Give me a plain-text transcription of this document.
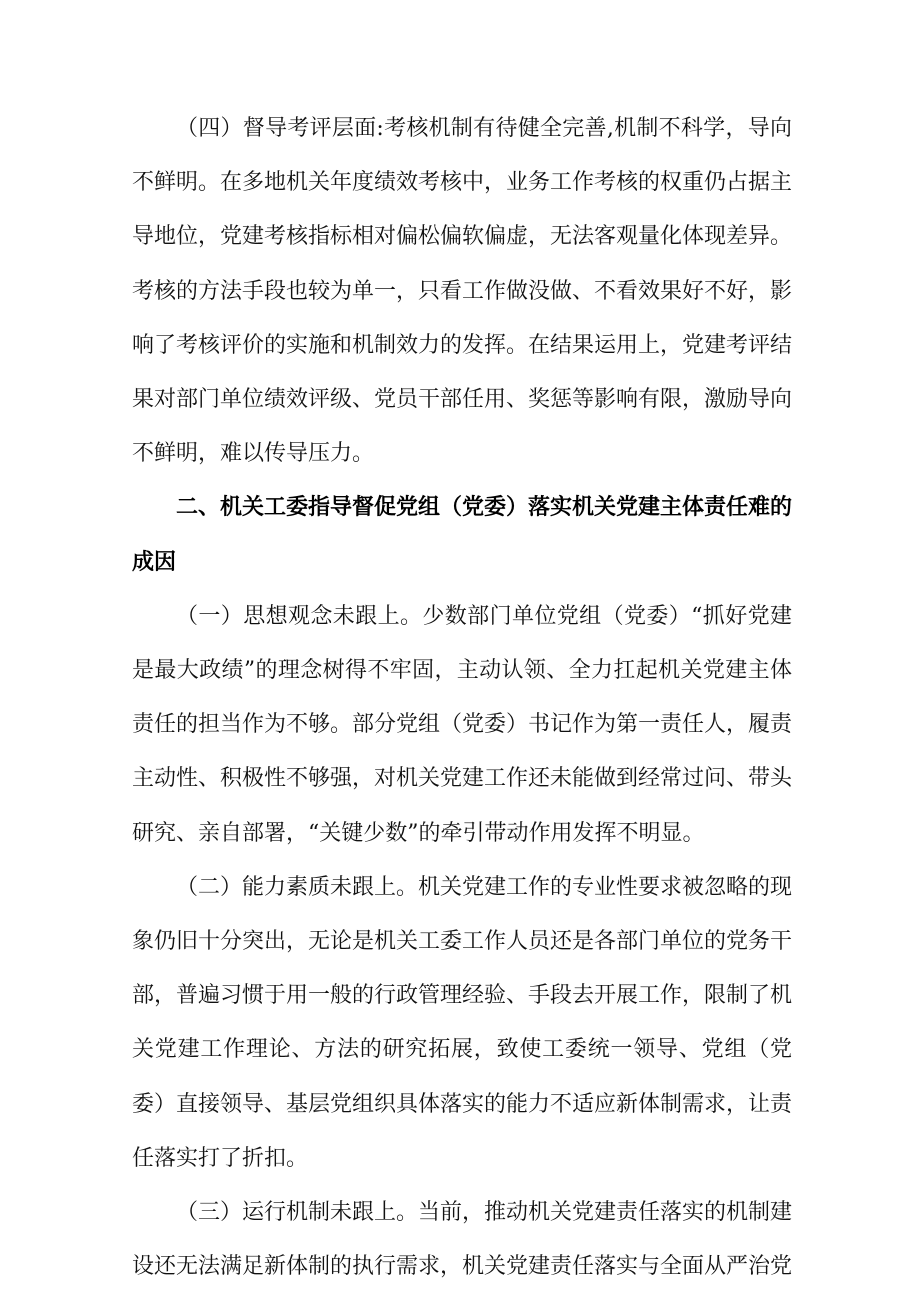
（四）督导考评层面:考核机制有待健全完善,机制不科学，导向不鲜明。在多地机关年度绩效考核中，业务工作考核的权重仍占据主导地位，党建考核指标相对偏松偏软偏虚，无法客观量化体现差异。考核的方法手段也较为单一，只看工作做没做、不看效果好不好，影响了考核评价的实施和机制效力的发挥。在结果运用上，党建考评结果对部门单位绩效评级、党员干部任用、奖惩等影响有限，激励导向不鲜明，难以传导压力。

二、机关工委指导督促党组（党委）落实机关党建主体责任难的成因

（一）思想观念未跟上。少数部门单位党组（党委）“抓好党建是最大政绩”的理念树得不牢固，主动认领、全力扛起机关党建主体责任的担当作为不够。部分党组（党委）书记作为第一责任人，履责主动性、积极性不够强，对机关党建工作还未能做到经常过问、带头研究、亲自部署，“关键少数”的牵引带动作用发挥不明显。

（二）能力素质未跟上。机关党建工作的专业性要求被忽略的现象仍旧十分突出，无论是机关工委工作人员还是各部门单位的党务干部，普遍习惯于用一般的行政管理经验、手段去开展工作，限制了机关党建工作理论、方法的研究拓展，致使工委统一领导、党组（党委）直接领导、基层党组织具体落实的能力不适应新体制需求，让责任落实打了折扣。

（三）运行机制未跟上。当前，推动机关党建责任落实的机制建设还无法满足新体制的执行需求，机关党建责任落实与全面从严治党
